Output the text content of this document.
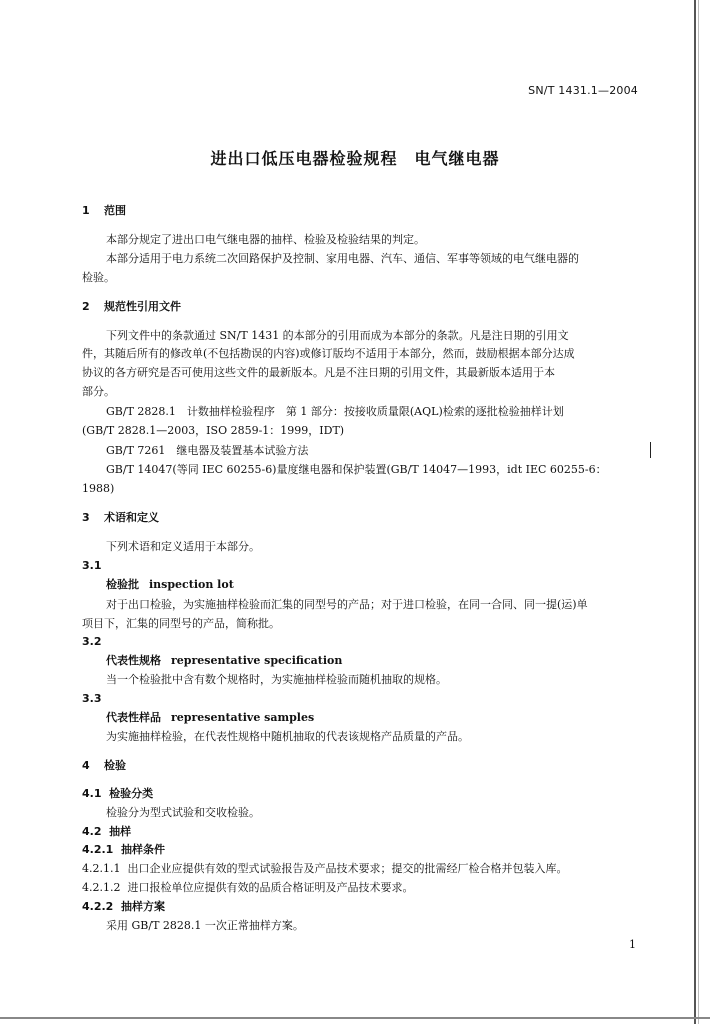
SN/T 1431.1—2004
进出口低压电器检验规程　电气继电器
1 范围
本部分规定了进出口电气继电器的抽样、检验及检验结果的判定。
本部分适用于电力系统二次回路保护及控制、家用电器、汽车、通信、军事等领域的电气继电器的
检验。
2 规范性引用文件
下列文件中的条款通过 SN/T 1431 的本部分的引用而成为本部分的条款。凡是注日期的引用文
件，其随后所有的修改单(不包括勘误的内容)或修订版均不适用于本部分，然而，鼓励根据本部分达成
协议的各方研究是否可使用这些文件的最新版本。凡是不注日期的引用文件，其最新版本适用于本
部分。
GB/T 2828.1　计数抽样检验程序　第 1 部分：按接收质量限(AQL)检索的逐批检验抽样计划
(GB/T 2828.1—2003，ISO 2859-1：1999，IDT)
GB/T 7261　继电器及装置基本试验方法
GB/T 14047(等同 IEC 60255-6)量度继电器和保护装置(GB/T 14047—1993，idt IEC 60255-6：
1988)
3 术语和定义
下列术语和定义适用于本部分。
3.1
检验批 inspection lot
对于出口检验，为实施抽样检验而汇集的同型号的产品；对于进口检验，在同一合同、同一提(运)单
项目下，汇集的同型号的产品，简称批。
3.2
代表性规格 representative specification
当一个检验批中含有数个规格时，为实施抽样检验而随机抽取的规格。
3.3
代表性样品 representative samples
为实施抽样检验，在代表性规格中随机抽取的代表该规格产品质量的产品。
4 检验
4.1 检验分类
检验分为型式试验和交收检验。
4.2 抽样
4.2.1 抽样条件
4.2.1.1 出口企业应提供有效的型式试验报告及产品技术要求；提交的批需经厂检合格并包装入库。
4.2.1.2 进口报检单位应提供有效的品质合格证明及产品技术要求。
4.2.2 抽样方案
采用 GB/T 2828.1 一次正常抽样方案。
1
